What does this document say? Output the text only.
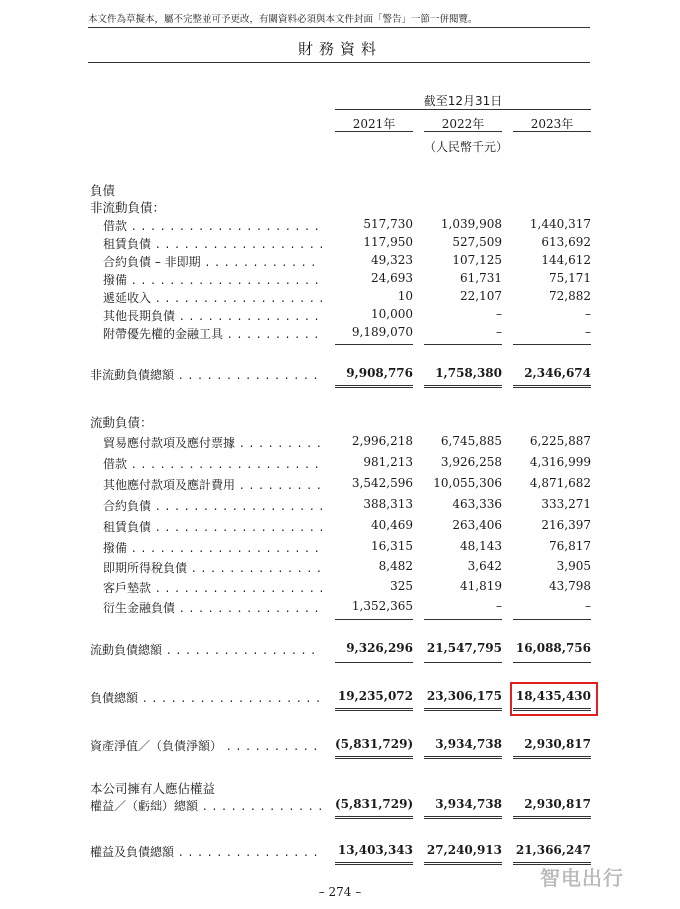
本文件為草擬本，屬不完整並可予更改，有關資料必須與本文件封面「警告」一節一併閱覽。
財務資料
截至12月31日
2021年	2022年	2023年
（人民幣千元）
負債
非流動負債：
借款 . . .	517,730	1,039,908	1,440,317
租賃負債 . . .	117,950	527,509	613,692
合約負債 – 非即期 . . .	49,323	107,125	144,612
撥備 . . .	24,693	61,731	75,171
遞延收入 . . .	10	22,107	72,882
其他長期負債 . . .	10,000	–	–
附帶優先權的金融工具 . . .	9,189,070	–	–
非流動負債總額 . . .	9,908,776	1,758,380	2,346,674
流動負債：
貿易應付款項及應付票據 . . .	2,996,218	6,745,885	6,225,887
借款 . . .	981,213	3,926,258	4,316,999
其他應付款項及應計費用 . . .	3,542,596	10,055,306	4,871,682
合約負債 . . .	388,313	463,336	333,271
租賃負債 . . .	40,469	263,406	216,397
撥備 . . .	16,315	48,143	76,817
即期所得稅負債 . . .	8,482	3,642	3,905
客戶墊款 . . .	325	41,819	43,798
衍生金融負債 . . .	1,352,365	–	–
流動負債總額 . . .	9,326,296 21,547,795 16,088,756
負債總額 . . .	19,235,072 23,306,175 18,435,430
資產淨值／（負債淨額） . . .	(5,831,729)	3,934,738	2,930,817
本公司擁有人應佔權益
權益／（虧絀）總額 . . .	(5,831,729)	3,934,738	2,930,817
權益及負債總額 . . .	13,403,343 27,240,913 21,366,247
智电出行
– 274 –
